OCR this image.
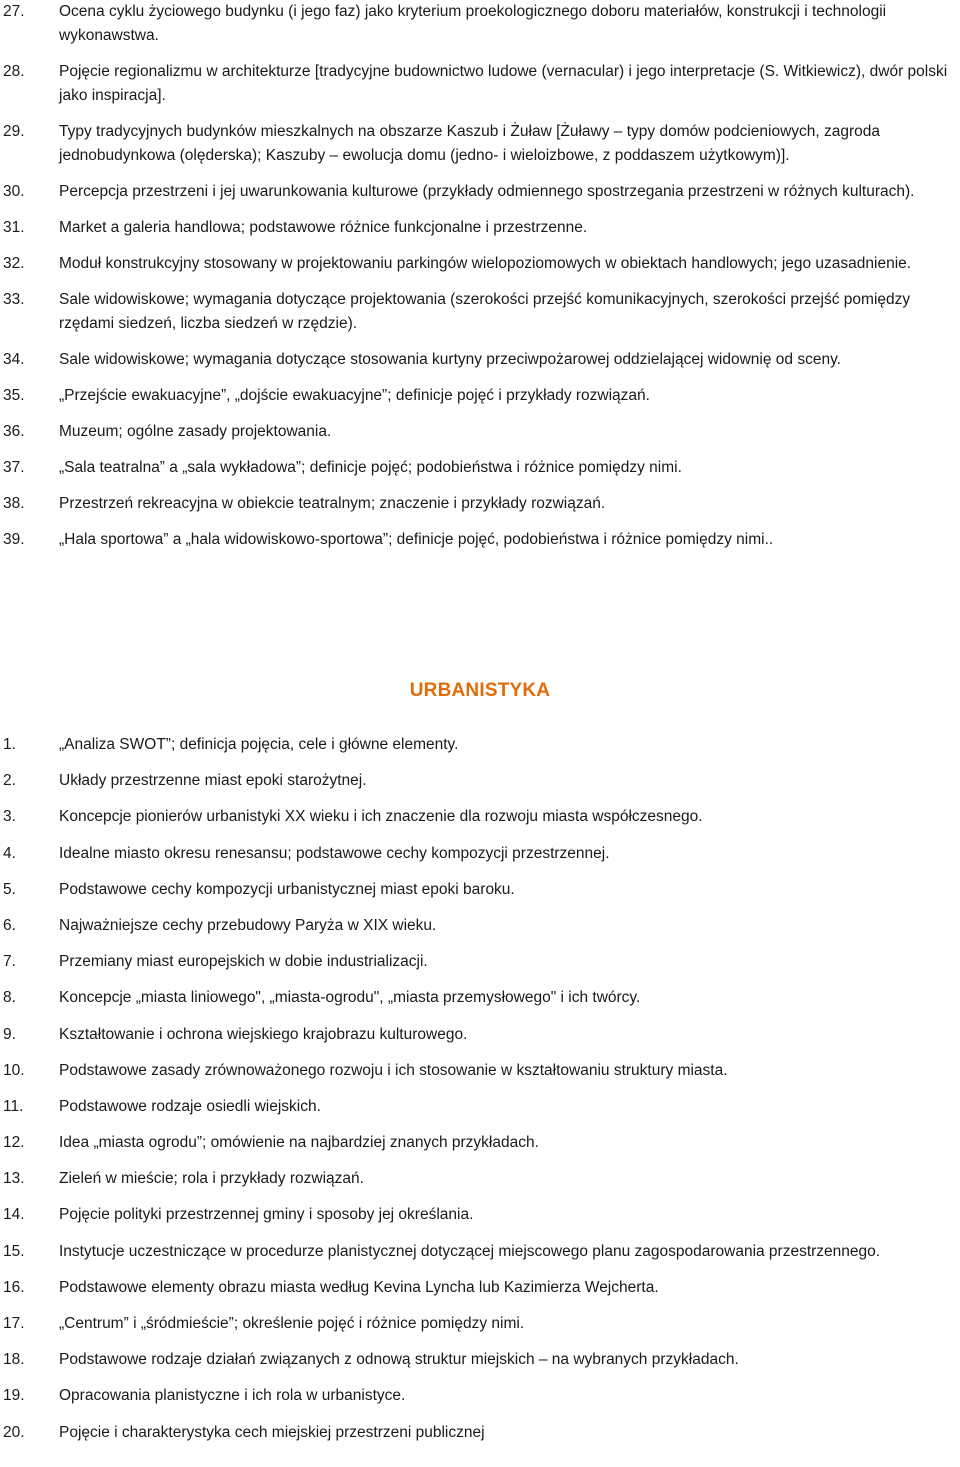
27.	Ocena cyklu życiowego budynku (i jego faz) jako kryterium proekologicznego doboru materiałów, konstrukcji i technologii wykonawstwa.
28.	Pojęcie regionalizmu w architekturze [tradycyjne budownictwo ludowe (vernacular) i jego interpretacje (S. Witkiewicz), dwór polski jako inspiracja].
29.	Typy tradycyjnych budynków mieszkalnych na obszarze Kaszub i Żuław [Żuławy – typy domów podcieniowych, zagroda jednobudynkowa (olęderska); Kaszuby – ewolucja domu (jedno- i wieloizbowe, z poddaszem użytkowym)].
30.	Percepcja przestrzeni i jej uwarunkowania kulturowe (przykłady odmiennego spostrzegania przestrzeni w różnych kulturach).
31.	Market a galeria handlowa; podstawowe różnice funkcjonalne i przestrzenne.
32.	Moduł konstrukcyjny stosowany w projektowaniu parkingów wielopoziomowych w obiektach handlowych; jego uzasadnienie.
33.	Sale widowiskowe; wymagania dotyczące projektowania (szerokości przejść komunikacyjnych, szerokości przejść pomiędzy rzędami siedzeń, liczba siedzeń w rzędzie).
34.	Sale widowiskowe; wymagania dotyczące stosowania kurtyny przeciwpożarowej oddzielającej widownię od sceny.
35.	„Przejście ewakuacyjne”, „dojście ewakuacyjne”; definicje pojęć i przykłady rozwiązań.
36.	Muzeum; ogólne zasady projektowania.
37.	„Sala teatralna” a „sala wykładowa”; definicje pojęć; podobieństwa i różnice pomiędzy nimi.
38.	Przestrzeń rekreacyjna w obiekcie teatralnym; znaczenie i przykłady rozwiązań.
39.	„Hala sportowa” a „hala widowiskowo-sportowa”; definicje pojęć, podobieństwa i różnice pomiędzy nimi..
URBANISTYKA
1.	„Analiza SWOT”; definicja pojęcia, cele i główne elementy.
2.	Układy przestrzenne miast epoki starożytnej.
3.	Koncepcje pionierów urbanistyki XX wieku i ich znaczenie dla rozwoju miasta współczesnego.
4.	Idealne miasto okresu renesansu; podstawowe cechy kompozycji przestrzennej.
5.	Podstawowe cechy kompozycji urbanistycznej miast epoki baroku.
6.	Najważniejsze cechy przebudowy Paryża w XIX wieku.
7.	Przemiany miast europejskich w dobie industrializacji.
8.	Koncepcje „miasta liniowego", „miasta-ogrodu", „miasta przemysłowego" i ich twórcy.
9.	Kształtowanie i ochrona wiejskiego krajobrazu kulturowego.
10.	Podstawowe zasady zrównoważonego rozwoju i ich stosowanie w kształtowaniu struktury miasta.
11.	Podstawowe rodzaje osiedli wiejskich.
12.	Idea „miasta ogrodu”; omówienie na najbardziej znanych przykładach.
13.	Zieleń w mieście; rola i przykłady rozwiązań.
14.	Pojęcie polityki przestrzennej gminy i sposoby jej określania.
15.	Instytucje uczestniczące w procedurze planistycznej dotyczącej miejscowego planu zagospodarowania przestrzennego.
16.	Podstawowe elementy obrazu miasta według Kevina Lyncha lub Kazimierza Wejcherta.
17.	„Centrum” i „śródmieście”; określenie pojęć i różnice pomiędzy nimi.
18.	Podstawowe rodzaje działań związanych z odnową struktur miejskich – na wybranych przykładach.
19.	Opracowania planistyczne i ich rola w urbanistyce.
20.	Pojęcie i charakterystyka cech miejskiej przestrzeni publicznej
